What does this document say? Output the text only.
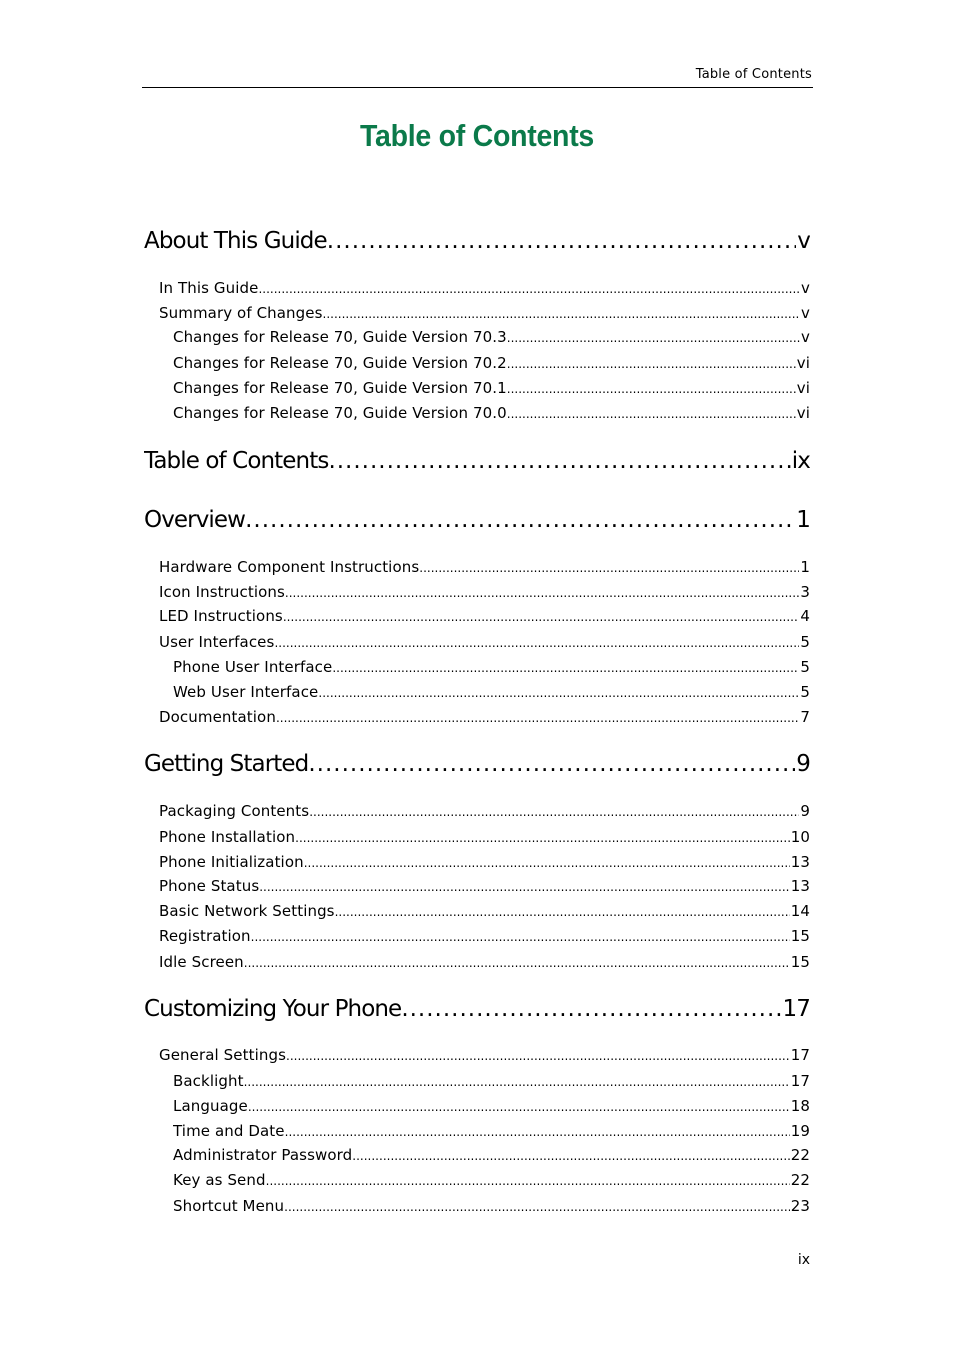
Table of Contents
Table of Contents
About This Guide .....	v
In This Guide .....	v
Summary of Changes .....	v
Changes for Release 70, Guide Version 70.3 .....	v
Changes for Release 70, Guide Version 70.2 .....	vi
Changes for Release 70, Guide Version 70.1 .....	vi
Changes for Release 70, Guide Version 70.0 .....	vi
Table of Contents .....	ix
Overview .....	1
Hardware Component Instructions .....	1
Icon Instructions .....	3
LED Instructions .....	4
User Interfaces .....	5
Phone User Interface .....	5
Web User Interface .....	5
Documentation .....	7
Getting Started .....	9
Packaging Contents .....	9
Phone Installation .....	10
Phone Initialization .....	13
Phone Status .....	13
Basic Network Settings .....	14
Registration .....	15
Idle Screen .....	15
Customizing Your Phone .....	17
General Settings .....	17
Backlight .....	17
Language .....	18
Time and Date .....	19
Administrator Password .....	22
Key as Send .....	22
Shortcut Menu .....	23
ix
